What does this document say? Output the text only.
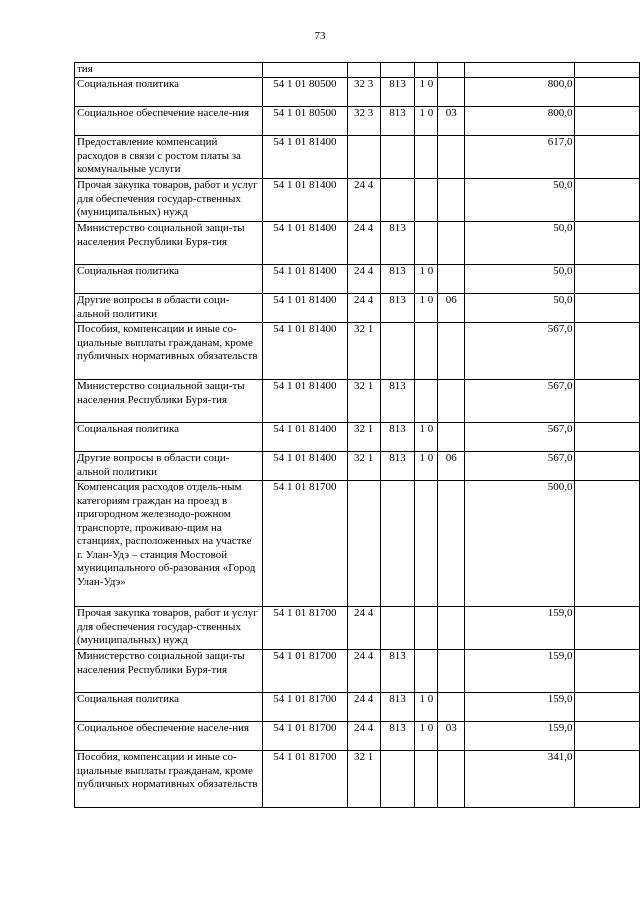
73
тия							
Социальная политика	54 1 01 80500	32 3	813	1 0		800,0	
Социальное обеспечение населе-ния	54 1 01 80500	32 3	813	1 0	03	800,0	
Предоставление компенсаций расходов в связи с ростом платы за коммунальные услуги	54 1 01 81400					617,0	
Прочая закупка товаров, работ и услуг для обеспечения государ-ственных (муниципальных) нужд	54 1 01 81400	24 4				50,0	
Министерство социальной защи-ты населения Республики Буря-тия	54 1 01 81400	24 4	813			50,0	
Социальная политика	54 1 01 81400	24 4	813	1 0		50,0	
Другие вопросы в области соци-альной политики	54 1 01 81400	24 4	813	1 0	06	50,0	
Пособия, компенсации и иные со-циальные выплаты гражданам, кроме публичных нормативных обязательств	54 1 01 81400	32 1				567,0	
Министерство социальной защи-ты населения Республики Буря-тия	54 1 01 81400	32 1	813			567,0	
Социальная политика	54 1 01 81400	32 1	813	1 0		567,0	
Другие вопросы в области соци-альной политики	54 1 01 81400	32 1	813	1 0	06	567,0	
Компенсация расходов отдель-ным категориям граждан на проезд в пригородном железнодо-рожном транспорте, проживаю-щим на станциях, расположенных на участке г. Улан-Удэ – станция Мостовой муниципального об-разования «Город Улан-Удэ»	54 1 01 81700					500,0	
Прочая закупка товаров, работ и услуг для обеспечения государ-ственных (муниципальных) нужд	54 1 01 81700	24 4				159,0	
Министерство социальной защи-ты населения Республики Буря-тия	54 1 01 81700	24 4	813			159,0	
Социальная политика	54 1 01 81700	24 4	813	1 0		159,0	
Социальное обеспечение населе-ния	54 1 01 81700	24 4	813	1 0	03	159,0	
Пособия, компенсации и иные со-циальные выплаты гражданам, кроме публичных нормативных обязательств	54 1 01 81700	32 1				341,0	
